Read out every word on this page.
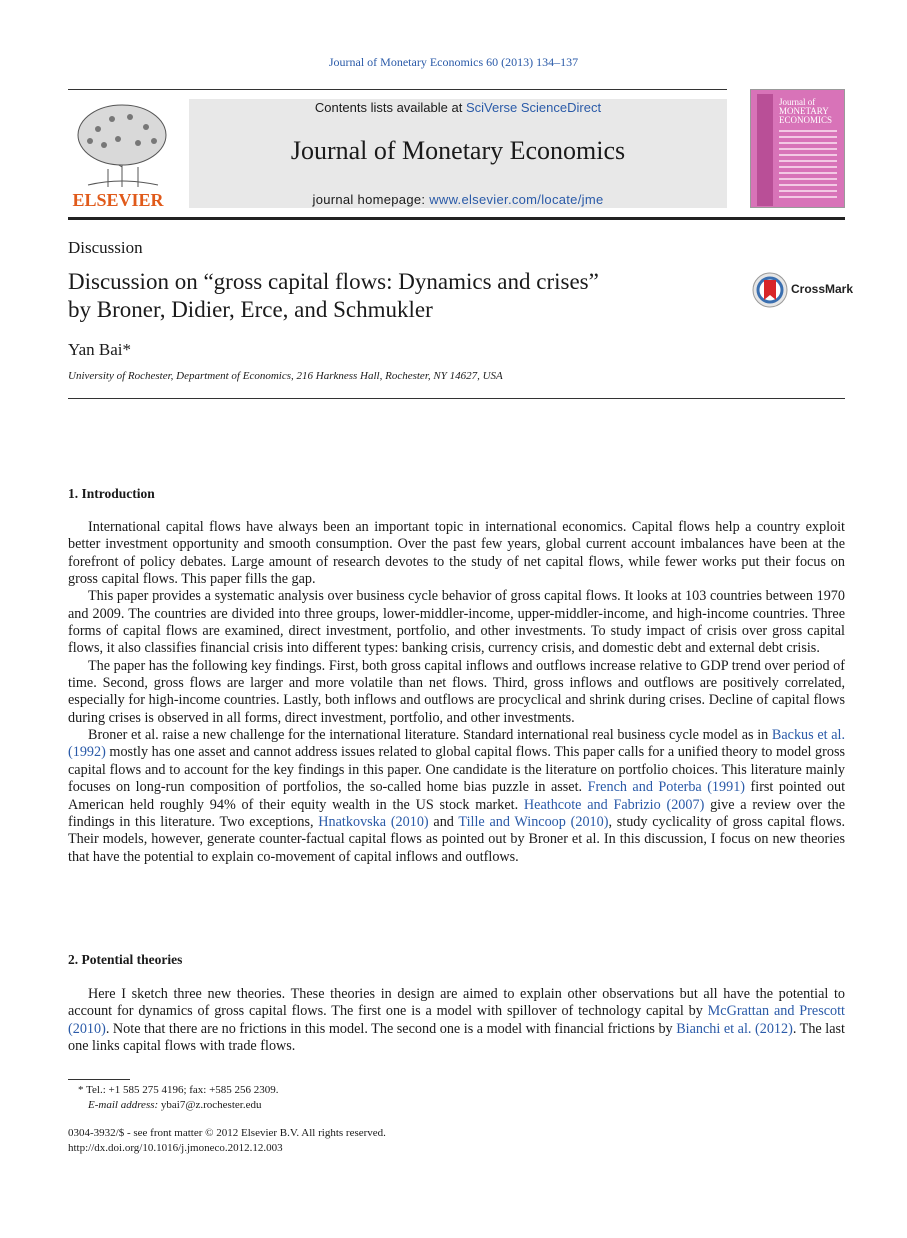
Journal of Monetary Economics 60 (2013) 134–137
ELSEVIER
Contents lists available at SciVerse ScienceDirect
Journal of Monetary Economics
journal homepage: www.elsevier.com/locate/jme
Journal of MONETARY ECONOMICS
Discussion
Discussion on “gross capital flows: Dynamics and crises”
by Broner, Didier, Erce, and Schmukler
CrossMark
Yan Bai*
University of Rochester, Department of Economics, 216 Harkness Hall, Rochester, NY 14627, USA
1. Introduction

International capital flows have always been an important topic in international economics. Capital flows help a country exploit better investment opportunity and smooth consumption. Over the past few years, global current account imbalances have been at the forefront of policy debates. Large amount of research devotes to the study of net capital flows, while fewer works put their focus on gross capital flows. This paper fills the gap.

This paper provides a systematic analysis over business cycle behavior of gross capital flows. It looks at 103 countries between 1970 and 2009. The countries are divided into three groups, lower-middler-income, upper-middler-income, and high-income countries. Three forms of capital flows are examined, direct investment, portfolio, and other investments. To study impact of crisis over gross capital flows, it also classifies financial crisis into different types: banking crisis, currency crisis, and domestic debt and external debt crisis.

The paper has the following key findings. First, both gross capital inflows and outflows increase relative to GDP trend over period of time. Second, gross flows are larger and more volatile than net flows. Third, gross inflows and outflows are positively correlated, especially for high-income countries. Lastly, both inflows and outflows are procyclical and shrink during crises. Decline of capital flows during crises is observed in all forms, direct investment, portfolio, and other investments.

Broner et al. raise a new challenge for the international literature. Standard international real business cycle model as in Backus et al. (1992) mostly has one asset and cannot address issues related to global capital flows. This paper calls for a unified theory to model gross capital flows and to account for the key findings in this paper. One candidate is the literature on portfolio choices. This literature mainly focuses on long-run composition of portfolios, the so-called home bias puzzle in asset. French and Poterba (1991) first pointed out American held roughly 94% of their equity wealth in the US stock market. Heathcote and Fabrizio (2007) give a review over the findings in this literature. Two exceptions, Hnatkovska (2010) and Tille and Wincoop (2010), study cyclicality of gross capital flows. Their models, however, generate counter-factual capital flows as pointed out by Broner et al. In this discussion, I focus on new theories that have the potential to explain co-movement of capital inflows and outflows.

2. Potential theories

Here I sketch three new theories. These theories in design are aimed to explain other observations but all have the potential to account for dynamics of gross capital flows. The first one is a model with spillover of technology capital by McGrattan and Prescott (2010). Note that there are no frictions in this model. The second one is a model with financial frictions by Bianchi et al. (2012). The last one links capital flows with trade flows.

* Tel.: +1 585 275 4196; fax: +585 256 2309.
E-mail address: ybai7@z.rochester.edu
0304-3932/$ - see front matter © 2012 Elsevier B.V. All rights reserved.
http://dx.doi.org/10.1016/j.jmoneco.2012.12.003
